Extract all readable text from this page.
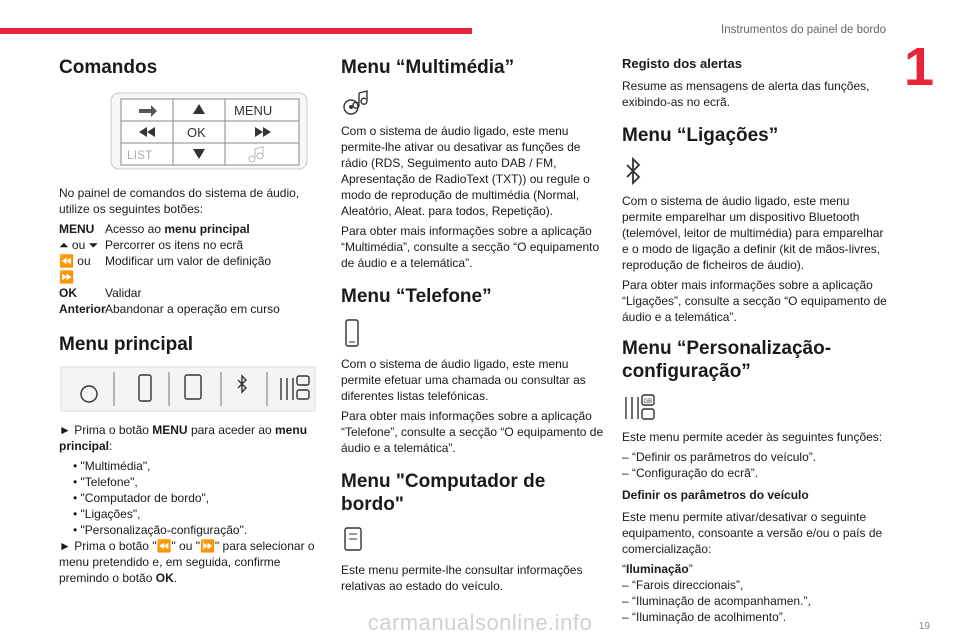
Instrumentos do painel de bordo
1
Comandos
MENU
OK
LIST

No painel de comandos do sistema de áudio, utilize os seguintes botões:

MENU Acesso ao menu principal
⏶ ou ⏷ Percorrer os itens no ecrã
⏪ ou ⏩
Modificar um valor de definição
OK	Validar
Anterior Abandonar a operação em curso
Menu principal

► Prima o botão MENU para aceder ao menu principal:

• "Multimédia",
• "Telefone",
• "Computador de bordo",
• "Ligações",
• "Personalização-configuração".

► Prima o botão "⏪" ou "⏩" para selecionar o menu pretendido e, em seguida, confirme premindo o botão OK.

Menu “Multimédia”

Com o sistema de áudio ligado, este menu permite-lhe ativar ou desativar as funções de rádio (RDS, Seguimento auto DAB / FM, Apresentação de RadioText (TXT)) ou regule o modo de reprodução de multimédia (Normal, Aleatório, Aleat. para todos, Repetição).

Para obter mais informações sobre a aplicação “Multimédia”, consulte a secção “O equipamento de áudio e a telemática”.

Menu “Telefone”

Com o sistema de áudio ligado, este menu permite efetuar uma chamada ou consultar as diferentes listas telefónicas.

Para obter mais informações sobre a aplicação “Telefone”, consulte a secção “O equipamento de áudio e a telemática”.

Menu "Computador de bordo"

Este menu permite-lhe consultar informações relativas ao estado do veículo.

Registo dos alertas

Resume as mensagens de alerta das funções, exibindo-as no ecrã.

Menu “Ligações”

Com o sistema de áudio ligado, este menu permite emparelhar um dispositivo Bluetooth (telemóvel, leitor de multimédia) para emparelhar e o modo de ligação a definir (kit de mãos-livres, reprodução de ficheiros de áudio).

Para obter mais informações sobre a aplicação “Ligações”, consulte a secção “O equipamento de áudio e a telemática”.

Menu “Personalização-configuração”
GB

Este menu permite aceder às seguintes funções:

– “Definir os parâmetros do veículo”.

– “Configuração do ecrã”.

Definir os parâmetros do veículo

Este menu permite ativar/desativar o seguinte equipamento, consoante a versão e/ou o país de comercialização:

“Iluminação”

– “Farois direccionais”,

– “Iluminação de acompanhamen.”,

– “Iluminação de acolhimento”.

carmanualsonline.info	19
